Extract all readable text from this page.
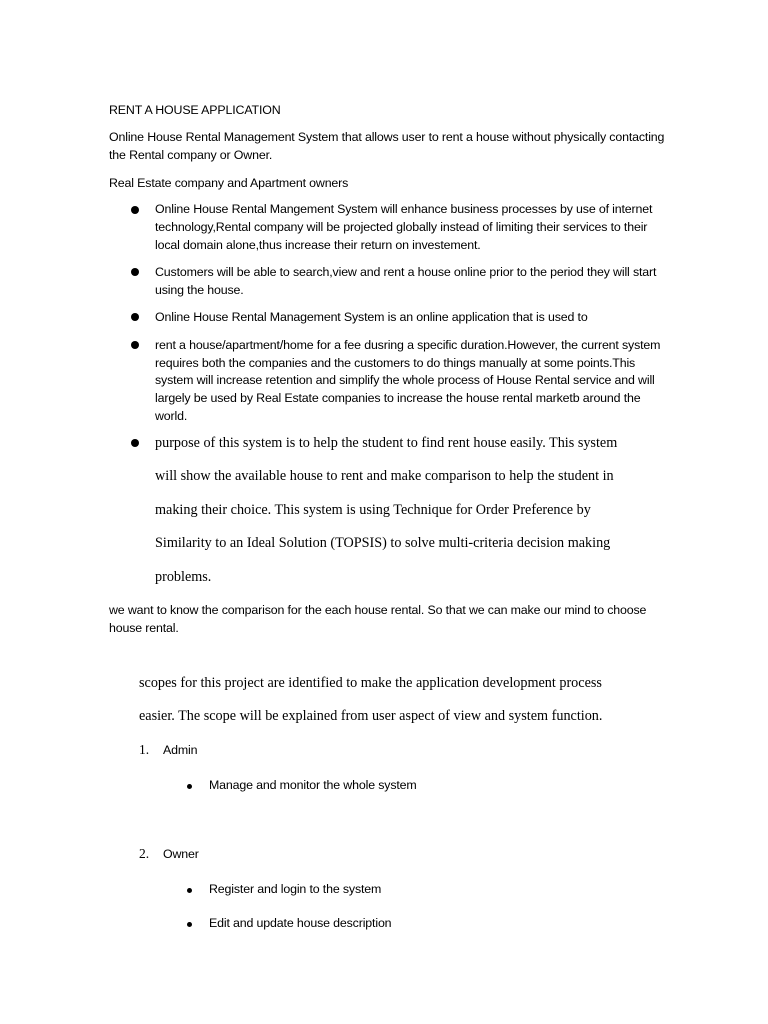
RENT A HOUSE APPLICATION
Online House Rental Management System that allows user to rent a house without physically contacting
the Rental company or Owner.
Real Estate company and Apartment owners
Online House Rental Mangement System will enhance business processes by use of internet
technology,Rental company will be projected globally instead of limiting their services to their
local domain alone,thus increase their return on investement.
Customers will be able to search,view and rent a house online prior to the period they will start
using the house.
Online House Rental Management System is an online application that is used to
rent a house/apartment/home for a fee dusring a specific duration.However, the current system
requires both the companies and the customers to do things manually at some points.This
system will increase retention and simplify the whole process of House Rental service and will
largely be used by Real Estate companies to increase the house rental marketb around the
world.
purpose of this system is to help the student to find rent house easily. This system
will show the available house to rent and make comparison to help the student in
making their choice. This system is using Technique for Order Preference by
Similarity to an Ideal Solution (TOPSIS) to solve multi-criteria decision making
problems.
we want to know the comparison for the each house rental. So that we can make our mind to choose
house rental.
scopes for this project are identified to make the application development process
easier. The scope will be explained from user aspect of view and system function.
1. Admin
Manage and monitor the whole system
2. Owner
Register and login to the system
Edit and update house description
